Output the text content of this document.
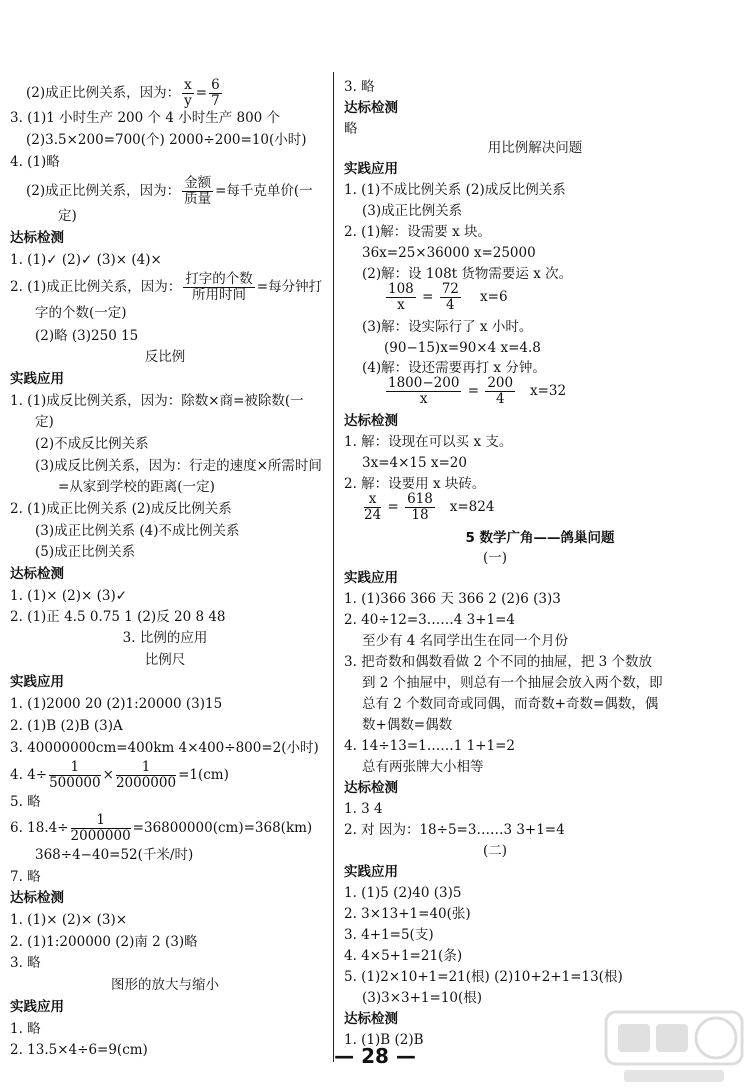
(2)成正比例关系，因为： $\frac{x}{y} = \frac{6}{7}$
3. (1)1 小时生产 200 个 4 小时生产 800 个
(2)3.5×200=700(个) 2000÷200=10(小时)
4. (1)略
(2)成正比例关系，因为： $\frac{\text{金额}}{\text{质量}}$ =每千克单价(一
定)
达标检测
1. (1)✓ (2)✓ (3)× (4)×
2. (1)成正比例关系，因为： $\frac{\text{打字的个数}}{\text{所用时间}}$ =每分钟打
字的个数(一定)
(2)略 (3)250 15
反比例
实践应用
1. (1)成反比例关系，因为：除数×商=被除数(一
定)
(2)不成反比例关系
(3)成反比例关系，因为：行走的速度×所需时间
=从家到学校的距离(一定)
2. (1)成正比例关系 (2)成反比例关系
(3)成正比例关系 (4)不成比例关系
(5)成正比例关系
达标检测
1. (1)× (2)× (3)✓
2. (1)正 4.5 0.75 1 (2)反 20 8 48
3. 比例的应用
比例尺
实践应用
1. (1)2000 20 (2)1:20000 (3)15
2. (1)B (2)B (3)A
3. 40000000cm=400km 4×400÷800=2(小时)
4. $4\div \frac{1}{500000} \times \frac{1}{2000000} =1(cm)$
5. 略
6. $18.4\div \frac{1}{2000000} =36800000(cm)=368(km)$
368÷4−40=52(千米/时)
7. 略
达标检测
1. (1)× (2)× (3)×
2. (1)1:200000 (2)南 2 (3)略
3. 略
图形的放大与缩小
实践应用
1. 略
2. 13.5×4÷6=9(cm)
3. 略
达标检测
略
用比例解决问题
实践应用
1. (1)不成比例关系 (2)成反比例关系
(3)成正比例关系
2. (1)解：设需要 x 块。
36x=25×36000 x=25000
(2)解：设 108t 货物需要运 x 次。
$\frac{108}{x} = \frac{72}{4} x=6$
(3)解：设实际行了 x 小时。
(90−15)x=90×4 x=4.8
(4)解：设还需要再打 x 分钟。
$\frac{1800-200}{x} = \frac{200}{4} x=32$
达标检测
1. 解：设现在可以买 x 支。
3x=4×15 x=20
2. 解：设要用 x 块砖。
$\frac{x}{24} = \frac{618}{18} x=824$
5 数学广角——鸽巢问题
(一)
实践应用
1. (1)366 366 天 366 2 (2)6 (3)3
2. 40÷12=3……4 3+1=4
至少有 4 名同学出生在同一个月份
3. 把奇数和偶数看做 2 个不同的抽屉，把 3 个数放
到 2 个抽屉中，则总有一个抽屉会放入两个数，即
总有 2 个数同奇或同偶，而奇数+奇数=偶数，偶
数+偶数=偶数
4. 14÷13=1……1 1+1=2
总有两张牌大小相等
达标检测
1. 3 4
2. 对 因为：18÷5=3……3 3+1=4
(二)
实践应用
1. (1)5 (2)40 (3)5
2. 3×13+1=40(张)
3. 4+1=5(支)
4. 4×5+1=21(条)
5. (1)2×10+1=21(根) (2)10+2+1=13(根)
(3)3×3+1=10(根)
达标检测
1. (1)B (2)B
— 28 —
